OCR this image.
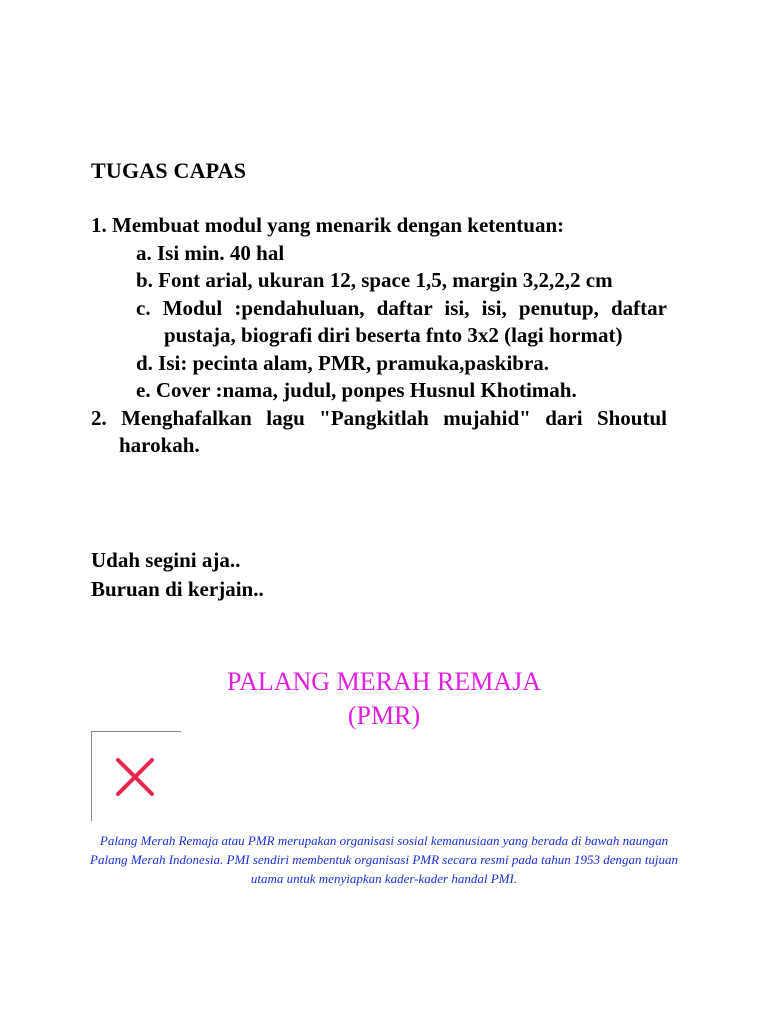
TUGAS CAPAS
1. Membuat modul yang menarik dengan ketentuan:
a. Isi min. 40 hal
b. Font arial, ukuran 12, space 1,5, margin 3,2,2,2 cm
c. Modul :pendahuluan, daftar isi, isi, penutup, daftar pustaja, biografi diri beserta fnto 3x2 (lagi hormat)
d. Isi: pecinta alam, PMR, pramuka,paskibra.
e. Cover :nama, judul, ponpes Husnul Khotimah.
2. Menghafalkan lagu "Pangkitlah mujahid" dari Shoutul harokah.
Udah segini aja..
Buruan di kerjain..
PALANG MERAH REMAJA
(PMR)
Palang Merah Remaja atau PMR merupakan organisasi sosial kemanusiaan yang berada di bawah naungan Palang Merah Indonesia. PMI sendiri membentuk organisasi PMR secara resmi pada tahun 1953 dengan tujuan utama untuk menyiapkan kader-kader handal PMI.
